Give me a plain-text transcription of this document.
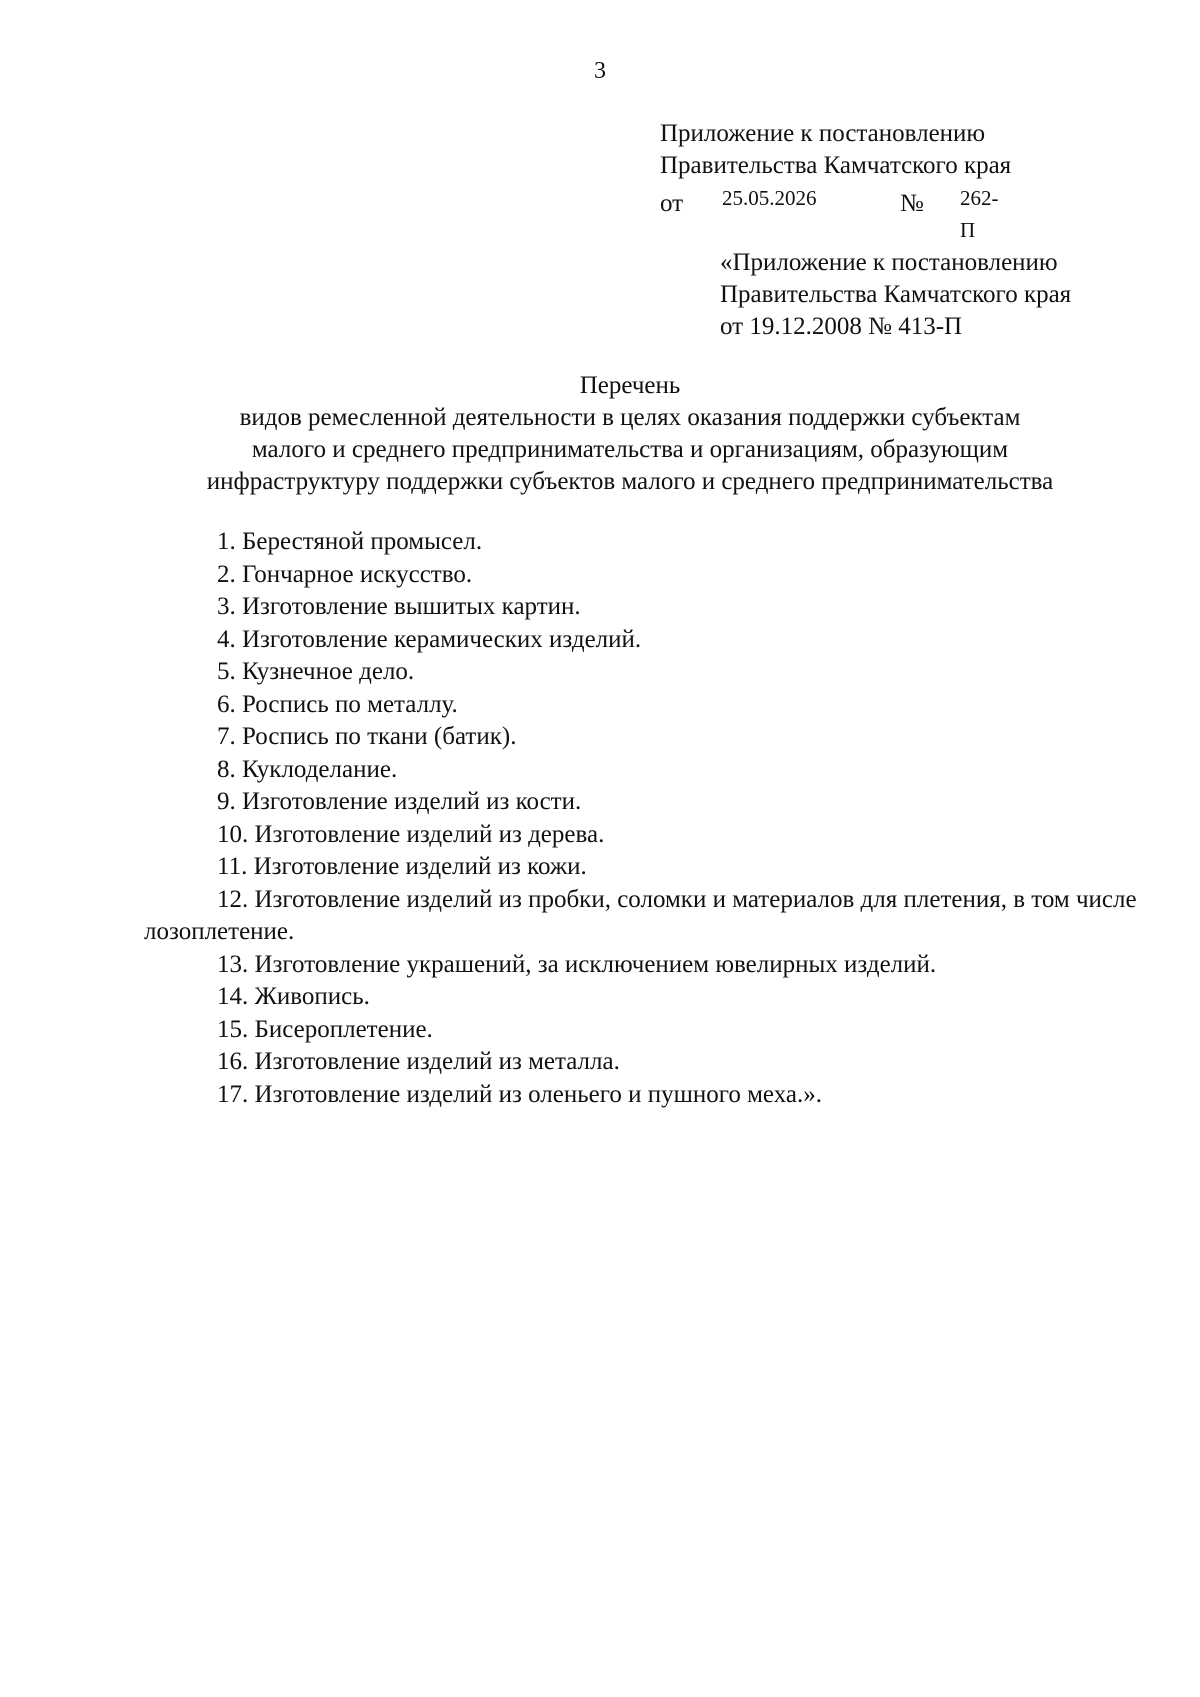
3
Приложение к постановлению
Правительства Камчатского края
от 25.05.2026	№ 262-П
«Приложение к постановлению
Правительства Камчатского края
от 19.12.2008 № 413-П
Перечень
видов ремесленной деятельности в целях оказания поддержки субъектам
малого и среднего предпринимательства и организациям, образующим
инфраструктуру поддержки субъектов малого и среднего предпринимательства
1. Берестяной промысел.
2. Гончарное искусство.
3. Изготовление вышитых картин.
4. Изготовление керамических изделий.
5. Кузнечное дело.
6. Роспись по металлу.
7. Роспись по ткани (батик).
8. Куклоделание.
9. Изготовление изделий из кости.
10. Изготовление изделий из дерева.
11. Изготовление изделий из кожи.
12. Изготовление изделий из пробки, соломки и материалов для плетения, в том числе лозоплетение.
13. Изготовление украшений, за исключением ювелирных изделий.
14. Живопись.
15. Бисероплетение.
16. Изготовление изделий из металла.
17. Изготовление изделий из оленьего и пушного меха.».
